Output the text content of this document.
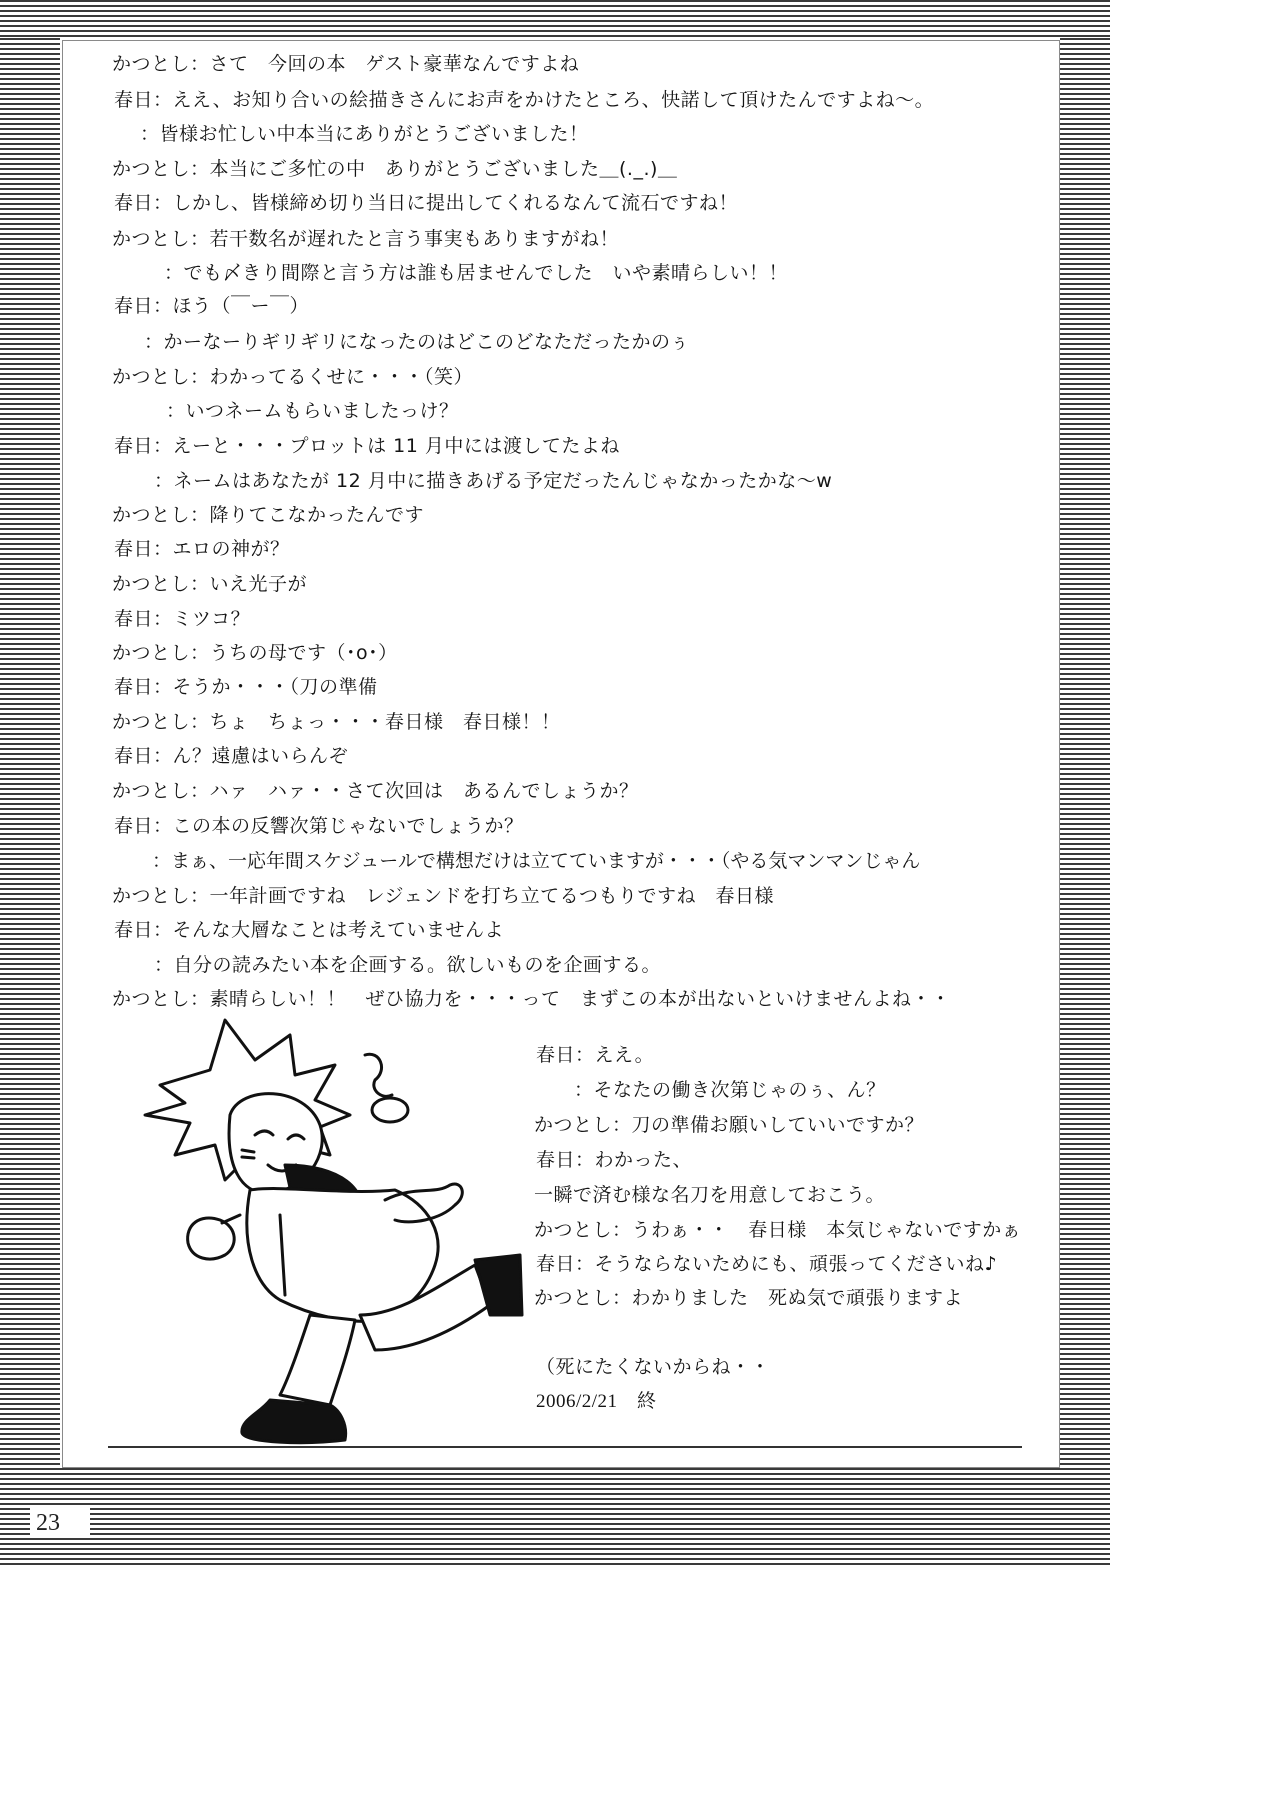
かつとし：さて　今回の本　ゲスト豪華なんですよね
春日：ええ、お知り合いの絵描きさんにお声をかけたところ、快諾して頂けたんですよね～。
：皆様お忙しい中本当にありがとうございました！
かつとし：本当にご多忙の中　ありがとうございました＿(._.)＿
春日：しかし、皆様締め切り当日に提出してくれるなんて流石ですね！
かつとし：若干数名が遅れたと言う事実もありますがね！
：でも〆きり間際と言う方は誰も居ませんでした　いや素晴らしい！！
春日：ほう（￣ー￣）
：かーなーりギリギリになったのはどこのどなただったかのぅ
かつとし：わかってるくせに・・・（笑）
：いつネームもらいましたっけ？
春日：えーと・・・プロットは 11 月中には渡してたよね
：ネームはあなたが 12 月中に描きあげる予定だったんじゃなかったかな～w
かつとし：降りてこなかったんです
春日：エロの神が？
かつとし：いえ光子が
春日：ミツコ？
かつとし：うちの母です（･o･）
春日：そうか・・・（刀の準備
かつとし：ちょ　ちょっ・・・春日様　春日様！！
春日：ん？遠慮はいらんぞ
かつとし：ハァ　ハァ・・さて次回は　あるんでしょうか？
春日：この本の反響次第じゃないでしょうか？
：まぁ、一応年間スケジュールで構想だけは立てていますが・・・（やる気マンマンじゃん
かつとし：一年計画ですね　レジェンドを打ち立てるつもりですね　春日様
春日：そんな大層なことは考えていませんよ
：自分の読みたい本を企画する。欲しいものを企画する。
かつとし：素晴らしい！！　ぜひ協力を・・・って　まずこの本が出ないといけませんよね・・
春日：ええ。
：そなたの働き次第じゃのぅ、ん？
かつとし：刀の準備お願いしていいですか？
春日：わかった、
一瞬で済む様な名刀を用意しておこう。
かつとし：うわぁ・・　春日様　本気じゃないですかぁ
春日：そうならないためにも、頑張ってくださいね♪
かつとし：わかりました　死ぬ気で頑張りますよ
（死にたくないからね・・
2006/2/21　終
23
